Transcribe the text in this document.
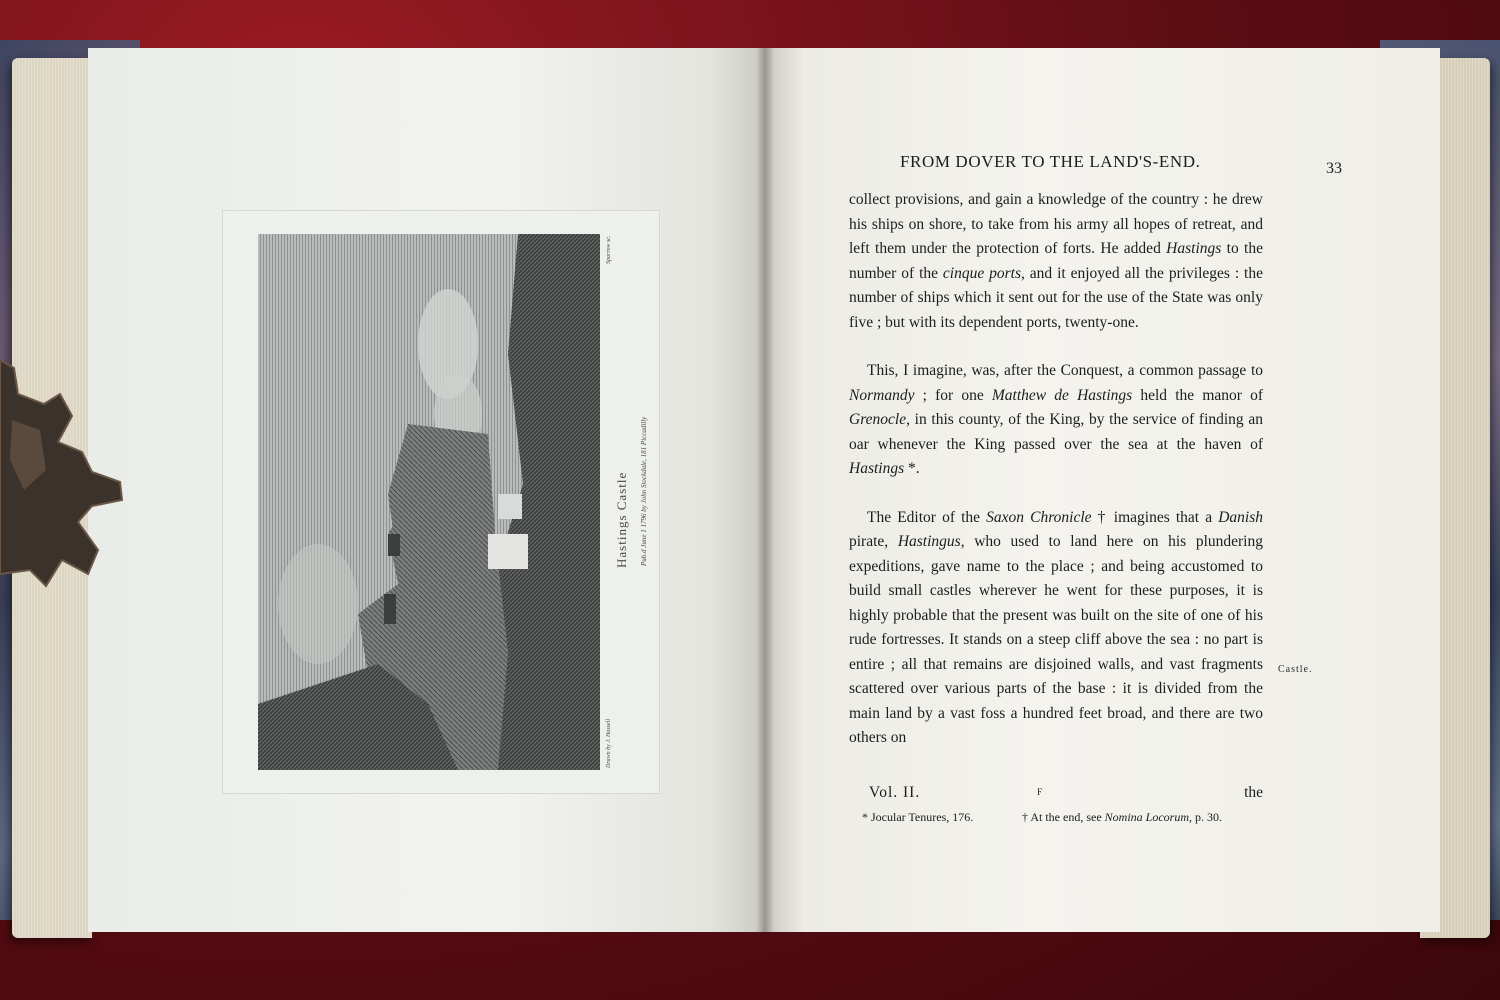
Hastings Castle Pub.d June 1 1796 by John Stockdale, 181 Piccadilly
Drawn by J. Hassell
Sparrow sc.
FROM DOVER TO THE LAND'S-END.	33

collect provisions, and gain a knowledge of the country : he drew his ships on shore, to take from his army all hopes of retreat, and left them under the protection of forts. He added Hastings to the number of the cinque ports, and it enjoyed all the privileges : the number of ships which it sent out for the use of the State was only five ; but with its dependent ports, twenty-one.

This, I imagine, was, after the Conquest, a common passage to Normandy ; for one Matthew de Hastings held the manor of Grenocle, in this county, of the King, by the service of finding an oar whenever the King passed over the sea at the haven of Hastings *.

The Editor of the Saxon Chronicle † imagines that a Danish pirate, Hastingus, who used to land here on his plundering expeditions, gave name to the place ; and being accustomed to build small castles wherever he went for these purposes, it is highly probable that the present was built on the site of one of his rude fortresses. It stands on a steep cliff above the sea : no part is entire ; all that remains are disjoined walls, and vast fragments scattered over various parts of the base : it is divided from the main land by a vast foss a hundred feet broad, and there are two others on

Castle.
Vol. II.	F	the
* Jocular Tenures, 176.	† At the end, see Nomina Locorum, p. 30.
